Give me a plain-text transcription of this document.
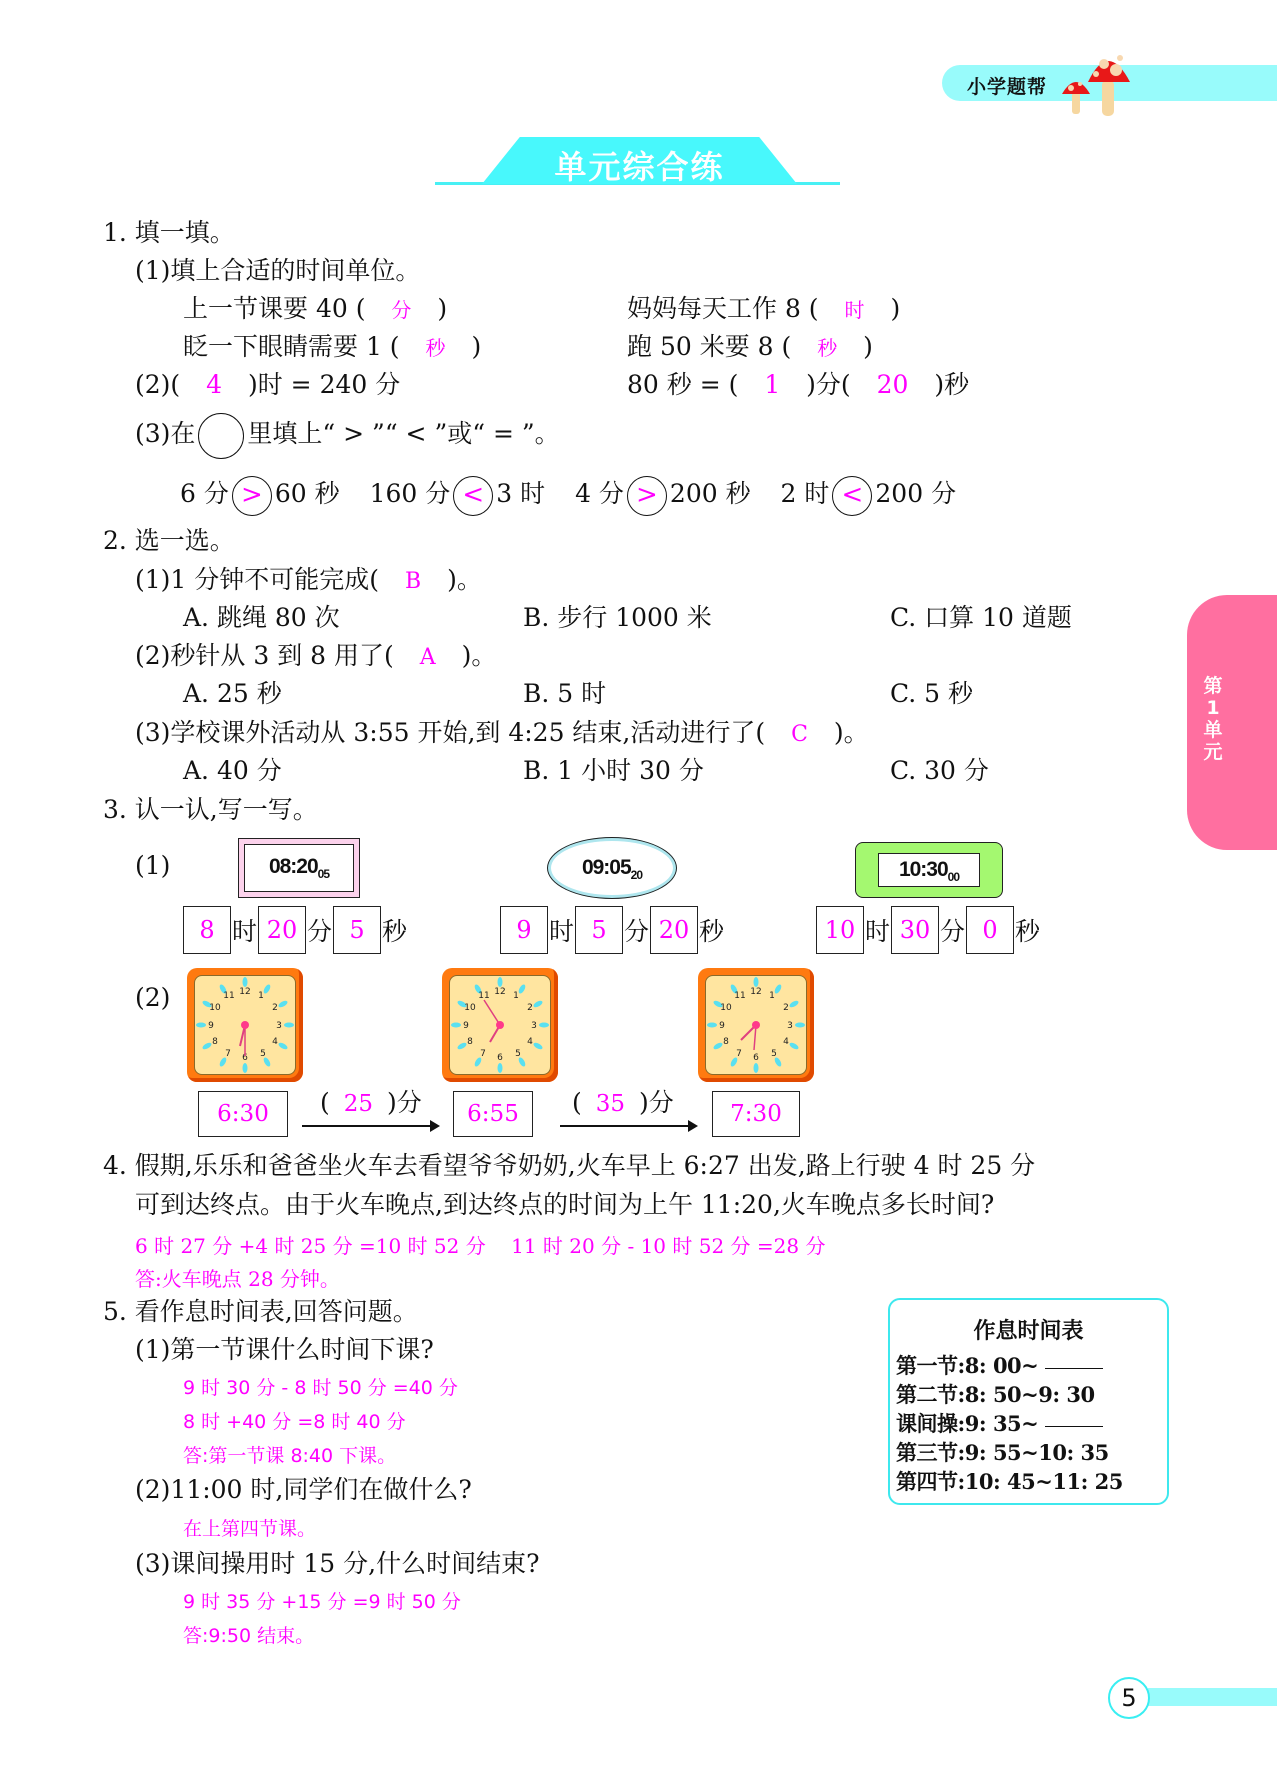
小学题帮
单元综合练
第
1
单
元
1. 填一填。
(1)填上合适的时间单位。
上一节课要 40 ( 分 )	妈妈每天工作 8 ( 时 )
眨一下眼睛需要 1 ( 秒 )	跑 50 米要 8 ( 秒 )
(2)( 4 )时 = 240 分	80 秒 = ( 1 )分( 20 )秒
(3)在 里填上“ > ”“ < ”或“ = ”。
6 分 > 60 秒 160 分 < 3 时 4 分 > 200 秒 2 时 < 200 分
2. 选一选。
(1)1 分钟不可能完成( B )。
A. 跳绳 80 次	B. 步行 1000 米	C. 口算 10 道题
(2)秒针从 3 到 8 用了( A )。
A. 25 秒	B. 5 时	C. 5 秒
(3)学校课外活动从 3:55 开始,到 4:25 结束,活动进行了( C )。
A. 40 分	B. 1 小时 30 分	C. 30 分
3. 认一认,写一写。
(1)	$08:20_{05}$	$09:05_{20}$	$10:30_{00}$
8 时 20 分 5 秒	9 时 5 分 20 秒	10 时 30 分 0 秒
(2)	12 1
2
3
4
5
6
7
8
9
10
11	12 1
2
3
4
5
6
7
8
9
10
11	12 1
2
3
4
5
6
7
8
9
10
11
6:30	( 25 )分	6:55	( 35 )分	7:30
4. 假期,乐乐和爸爸坐火车去看望爷爷奶奶,火车早上 6:27 出发,路上行驶 4 时 25 分
可到达终点。由于火车晚点,到达终点的时间为上午 11:20,火车晚点多长时间?
6 时 27 分 +4 时 25 分 =10 时 52 分    11 时 20 分 - 10 时 52 分 =28 分
答:火车晚点 28 分钟。
5. 看作息时间表,回答问题。
(1)第一节课什么时间下课?
9 时 30 分 - 8 时 50 分 =40 分
8 时 +40 分 =8 时 40 分
答:第一节课 8:40 下课。
(2)11:00 时,同学们在做什么?
在上第四节课。
(3)课间操用时 15 分,什么时间结束?
9 时 35 分 +15 分 =9 时 50 分
答:9:50 结束。
作息时间表
第一节:8: 00~
第二节:8: 50~9: 30
课间操:9: 35~
第三节:9: 55~10: 35
第四节:10: 45~11: 25
5
